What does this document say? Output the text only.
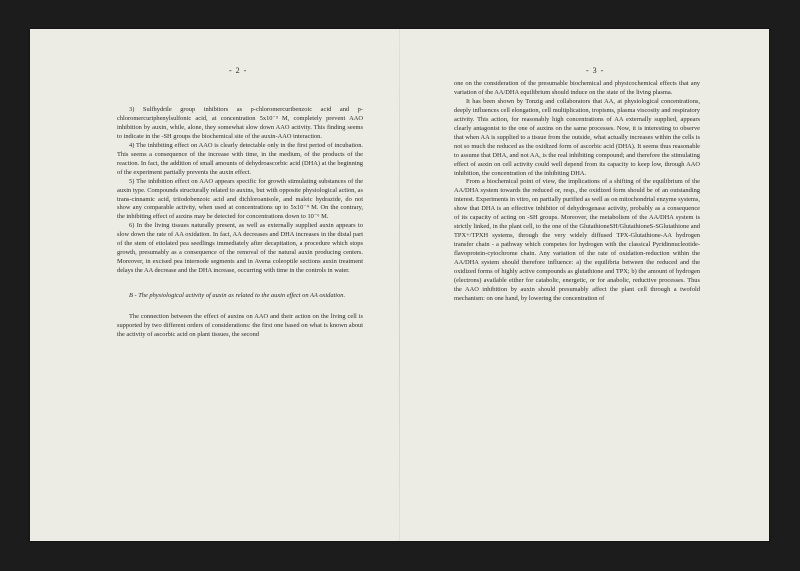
- 2 -	- 3 -

3) Sulfhydrile group inhibitors as p-chloromercuribenzoic acid and p-chloromercuriphenylsulfonic acid, at concentration 5x10⁻³ M, completely prevent AAO inhibition by auxin, while, alone, they somewhat slow down AAO activity. This finding seems to indicate in the -SH groups the biochemical site of the auxin-AAO interaction.

4) The inhibiting effect on AAO is clearly detectable only in the first period of incubation. This seems a consequence of the increase with time, in the medium, of the products of the reaction. In fact, the addition of small amounts of dehydroascorbic acid (DHA) at the beginning of the experiment partially prevents the auxin effect.

5) The inhibition effect on AAO appears specific for growth stimulating substances of the auxin type. Compounds structurally related to auxins, but with opposite physiological action, as trans-cinnamic acid, triiodobenzoic acid and dichloroanisole, and maleic hydrazide, do not show any comparable activity, when used at concentrations up to 5x10⁻⁴ M. On the contrary, the inhibiting effect of auxins may be detected for concentrations down to 10⁻⁶ M.

6) In the living tissues naturally present, as well as externally supplied auxin appears to slow down the rate of AA oxidation. In fact, AA decreases and DHA increases in the distal part of the stem of etiolated pea seedlings immediately after decapitation, a procedure which stops growth, presumably as a consequence of the removal of the natural auxin producing centers. Moreover, in excised pea internode segments and in Avena coleoptile sections auxin treatment delays the AA decrease and the DHA increase, occurring with time in the controls in water.

B - The physiological activity of auxin as related to the auxin effect on AA oxidation.

The connection between the effect of auxins on AAO and their action on the living cell is supported by two different orders of considerations: the first one based on what is known about the activity of ascorbic acid on plant tissues, the second

one on the consideration of the presumable biochemical and physicochemical effects that any variation of the AA/DHA equilibrium should induce on the state of the living plasma.

It has been shown by Tonzig and collaborators that AA, at physiological concentrations, deeply influences cell elongation, cell multiplication, tropisms, plasma viscosity and respiratory activity. This action, for reasonably high concentrations of AA externally supplied, appears clearly antagonist to the one of auxins on the same processes. Now, it is interesting to observe that when AA is supplied to a tissue from the outside, what actually increases within the cells is not so much the reduced as the oxidized form of ascorbic acid (DHA). It seems thus reasonable to assume that DHA, and not AA, is the real inhibiting compound; and therefore the stimulating effect of auxin on cell activity could well depend from its capacity to keep low, through AAO inhibition, the concentration of the inhibiting DHA.

From a biochemical point of view, the implications of a shifting of the equilibrium of the AA/DHA system towards the reduced or, resp., the oxidized form should be of an outstanding interest. Experiments in vitro, on partially purified as well as on mitochondrial enzyme systems, show that DHA is an effective inhibitor of dehydrogenase activity, probably as a consequence of its capacity of acting on -SH groups. Moreover, the metabolism of the AA/DHA system is strictly linked, in the plant cell, to the one of the GlutathioneSH/GlutathioneS-SGlutathione and TPX+/TPXH systems, through the very widely diffused TPX-Glutathione-AA hydrogen transfer chain - a pathway which competes for hydrogen with the classical Pyridinnucleotide-flavoprotein-cytochrome chain. Any variation of the rate of oxidation-reduction within the AA/DHA system should therefore influence: a) the equilibria between the reduced and the oxidized forms of highly active compounds as glutathione and TPX; b) the amount of hydrogen (electrons) available either for catabolic, energetic, or for anabolic, reductive processes. Thus the AAO inhibition by auxin should presumably affect the plant cell through a twofold mechanism: on one hand, by lowering the concentration of
